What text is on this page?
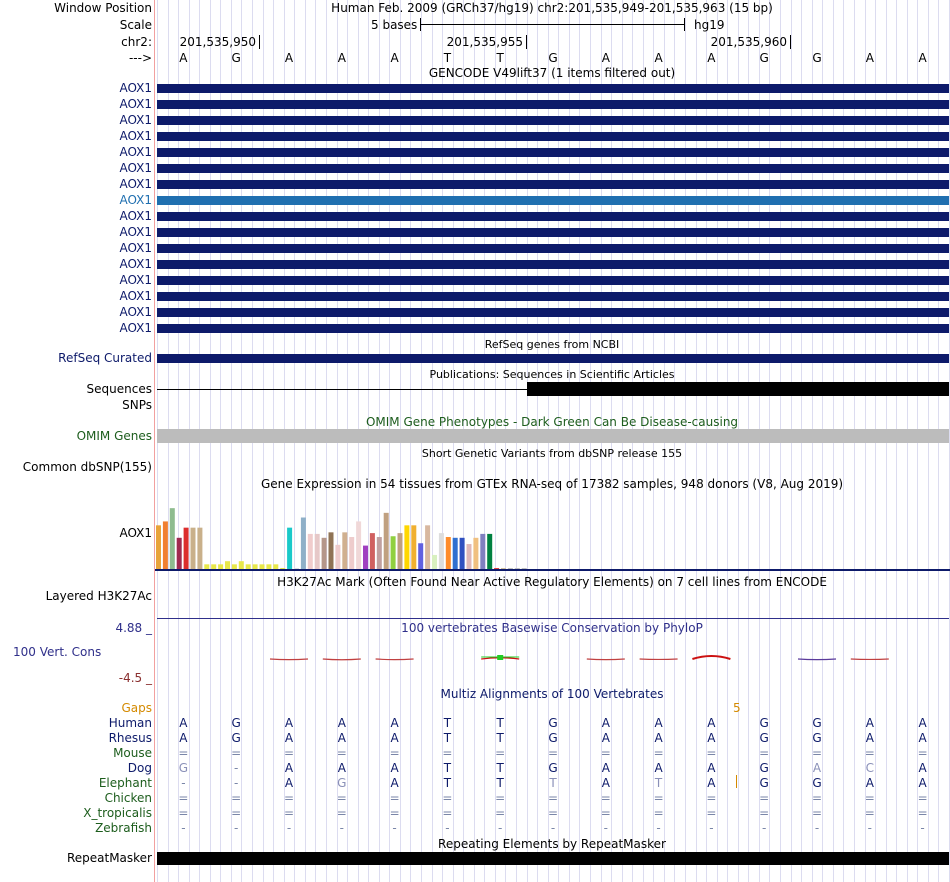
Window Position	Human Feb. 2009 (GRCh37/hg19) chr2:201,535,949-201,535,963 (15 bp)
Scale	5 bases	hg19
chr2: 201,535,950	201,535,955	201,535,960
---> A	G	A	A	A	T	T	G	A	A	A	G	G	A	A
GENCODE V49lift37 (1 items filtered out)
AOX1
AOX1
AOX1
AOX1
AOX1
AOX1
AOX1
AOX1
AOX1
AOX1
AOX1
AOX1
AOX1
AOX1
AOX1
AOX1
RefSeq genes from NCBI
RefSeq Curated
Publications: Sequences in Scientific Articles
Sequences
SNPs
OMIM Gene Phenotypes - Dark Green Can Be Disease-causing
OMIM Genes
Short Genetic Variants from dbSNP release 155
Common dbSNP(155)
Gene Expression in 54 tissues from GTEx RNA-seq of 17382 samples, 948 donors (V8, Aug 2019)
AOX1
H3K27Ac Mark (Often Found Near Active Regulatory Elements) on 7 cell lines from ENCODE
Layered H3K27Ac
4.88 _	100 vertebrates Basewise Conservation by PhyloP
100 Vert. Cons
-4.5 _
Multiz Alignments of 100 Vertebrates
Gaps	5
Human A	G	A	A	A	T	T	G	A	A	A	G	G	A	A
Rhesus A	G	A	A	A	T	T	G	A	A	A	G	G	A	A
Mouse =	=	=	=	=	=	=	=	=	=	=	=	=	=	=
Dog G	-	A	A	A	T	T	G	A	A	A	G	A	C	A
Elephant -	-	A	G	A	T	T	T	A	T	A	G	G	A	A
Chicken =	=	=	=	=	=	=	=	=	=	=	=	=	=	=
X_tropicalis =	=	=	=	=	=	=	=	=	=	=	=	=	=	=
Zebrafish -	-	-	-	-	-	-	-	-	-	-	-	-	-	-
Repeating Elements by RepeatMasker
RepeatMasker
